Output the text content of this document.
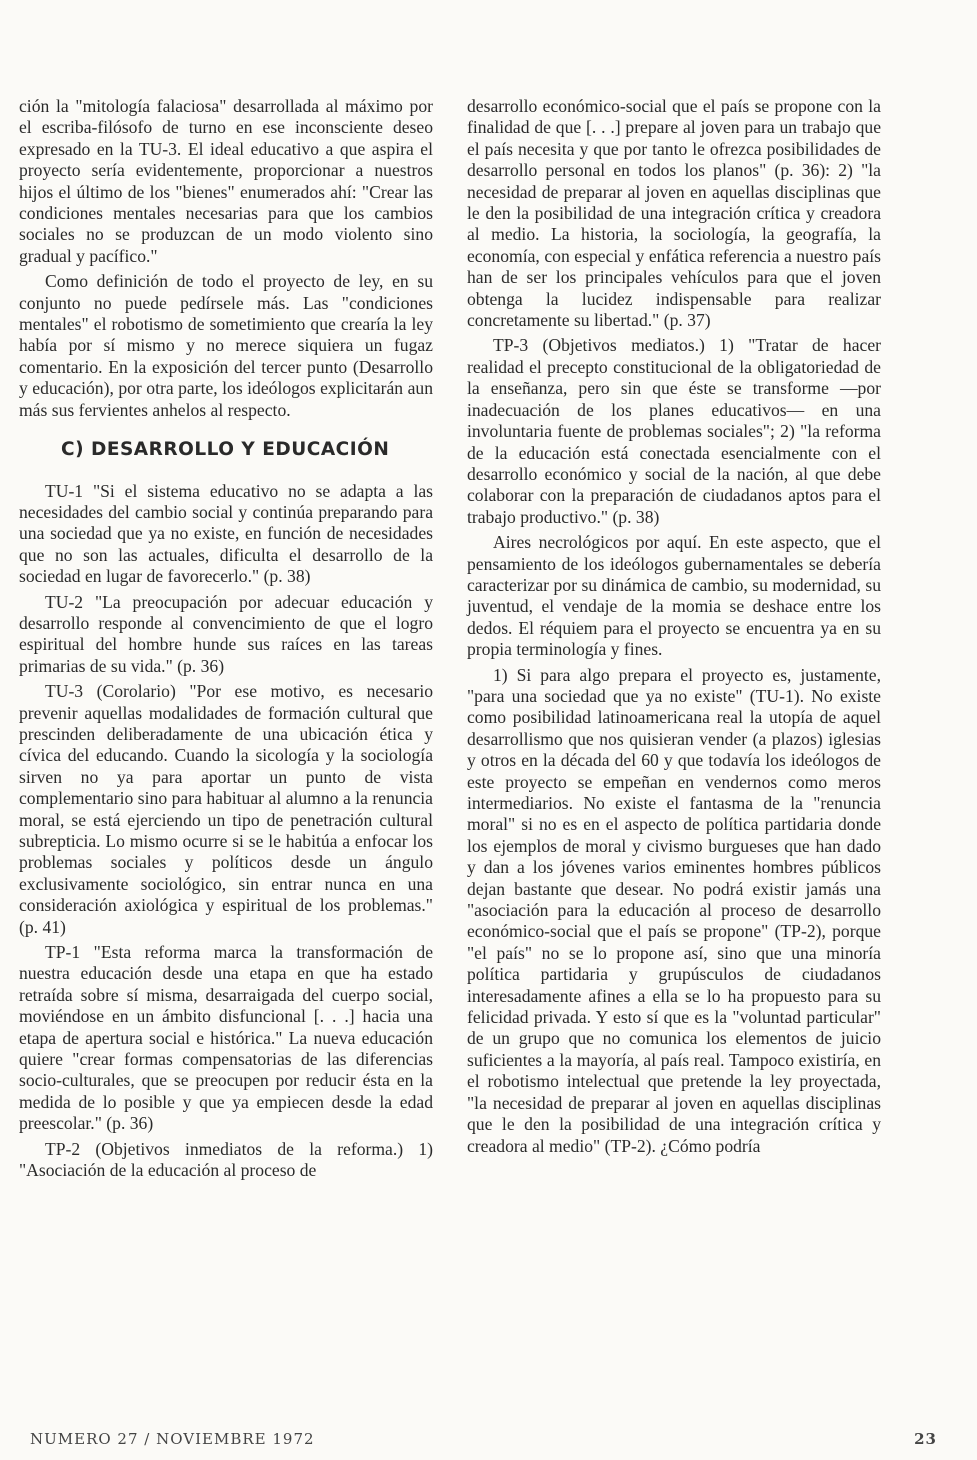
ción la "mitología falaciosa" desarrollada al máximo por el escriba-filósofo de turno en ese inconsciente deseo expresado en la TU-3. El ideal educativo a que aspira el proyecto sería evidentemente, proporcionar a nuestros hijos el último de los "bienes" enumerados ahí: "Crear las condiciones mentales necesarias para que los cambios sociales no se produzcan de un modo violento sino gradual y pacífico."

Como definición de todo el proyecto de ley, en su conjunto no puede pedírsele más. Las "condiciones mentales" el robotismo de sometimiento que crearía la ley había por sí mismo y no merece siquiera un fugaz comentario. En la exposición del tercer punto (Desarrollo y educación), por otra parte, los ideólogos explicitarán aun más sus fervientes anhelos al respecto.

C) DESARROLLO Y EDUCACIÓN

TU-1 "Si el sistema educativo no se adapta a las necesidades del cambio social y continúa preparando para una sociedad que ya no existe, en función de necesidades que no son las actuales, dificulta el desarrollo de la sociedad en lugar de favorecerlo." (p. 38)

TU-2 "La preocupación por adecuar educación y desarrollo responde al convencimiento de que el logro espiritual del hombre hunde sus raíces en las tareas primarias de su vida." (p. 36)

TU-3 (Corolario) "Por ese motivo, es necesario prevenir aquellas modalidades de formación cultural que prescinden deliberadamente de una ubicación ética y cívica del educando. Cuando la sicología y la sociología sirven no ya para aportar un punto de vista complementario sino para habituar al alumno a la renuncia moral, se está ejerciendo un tipo de penetración cultural subrepticia. Lo mismo ocurre si se le habitúa a enfocar los problemas sociales y políticos desde un ángulo exclusivamente sociológico, sin entrar nunca en una consideración axiológica y espiritual de los problemas." (p. 41)

TP-1 "Esta reforma marca la transformación de nuestra educación desde una etapa en que ha estado retraída sobre sí misma, desarraigada del cuerpo social, moviéndose en un ámbito disfuncional [. . .] hacia una etapa de apertura social e histórica." La nueva educación quiere "crear formas compensatorias de las diferencias socio-culturales, que se preocupen por reducir ésta en la medida de lo posible y que ya empiecen desde la edad preescolar." (p. 36)

TP-2 (Objetivos inmediatos de la reforma.) 1) "Asociación de la educación al proceso de

desarrollo económico-social que el país se propone con la finalidad de que [. . .] prepare al joven para un trabajo que el país necesita y que por tanto le ofrezca posibilidades de desarrollo personal en todos los planos" (p. 36): 2) "la necesidad de preparar al joven en aquellas disciplinas que le den la posibilidad de una integración crítica y creadora al medio. La historia, la sociología, la geografía, la economía, con especial y enfática referencia a nuestro país han de ser los principales vehículos para que el joven obtenga la lucidez indispensable para realizar concretamente su libertad." (p. 37)

TP-3 (Objetivos mediatos.) 1) "Tratar de hacer realidad el precepto constitucional de la obligatoriedad de la enseñanza, pero sin que éste se transforme —por inadecuación de los planes educativos— en una involuntaria fuente de problemas sociales"; 2) "la reforma de la educación está conectada esencialmente con el desarrollo económico y social de la nación, al que debe colaborar con la preparación de ciudadanos aptos para el trabajo productivo." (p. 38)

Aires necrológicos por aquí. En este aspecto, que el pensamiento de los ideólogos gubernamentales se debería caracterizar por su dinámica de cambio, su modernidad, su juventud, el vendaje de la momia se deshace entre los dedos. El réquiem para el proyecto se encuentra ya en su propia terminología y fines.

1) Si para algo prepara el proyecto es, justamente, "para una sociedad que ya no existe" (TU-1). No existe como posibilidad latinoamericana real la utopía de aquel desarrollismo que nos quisieran vender (a plazos) iglesias y otros en la década del 60 y que todavía los ideólogos de este proyecto se empeñan en vendernos como meros intermediarios. No existe el fantasma de la "renuncia moral" si no es en el aspecto de política partidaria donde los ejemplos de moral y civismo burgueses que han dado y dan a los jóvenes varios eminentes hombres públicos dejan bastante que desear. No podrá existir jamás una "asociación para la educación al proceso de desarrollo económico-social que el país se propone" (TP-2), porque "el país" no se lo propone así, sino que una minoría política partidaria y grupúsculos de ciudadanos interesadamente afines a ella se lo ha propuesto para su felicidad privada. Y esto sí que es la "voluntad particular" de un grupo que no comunica los elementos de juicio suficientes a la mayoría, al país real. Tampoco existiría, en el robotismo intelectual que pretende la ley proyectada, "la necesidad de preparar al joven en aquellas disciplinas que le den la posibilidad de una integración crítica y creadora al medio" (TP-2). ¿Cómo podría

NUMERO 27 / NOVIEMBRE 1972	23
